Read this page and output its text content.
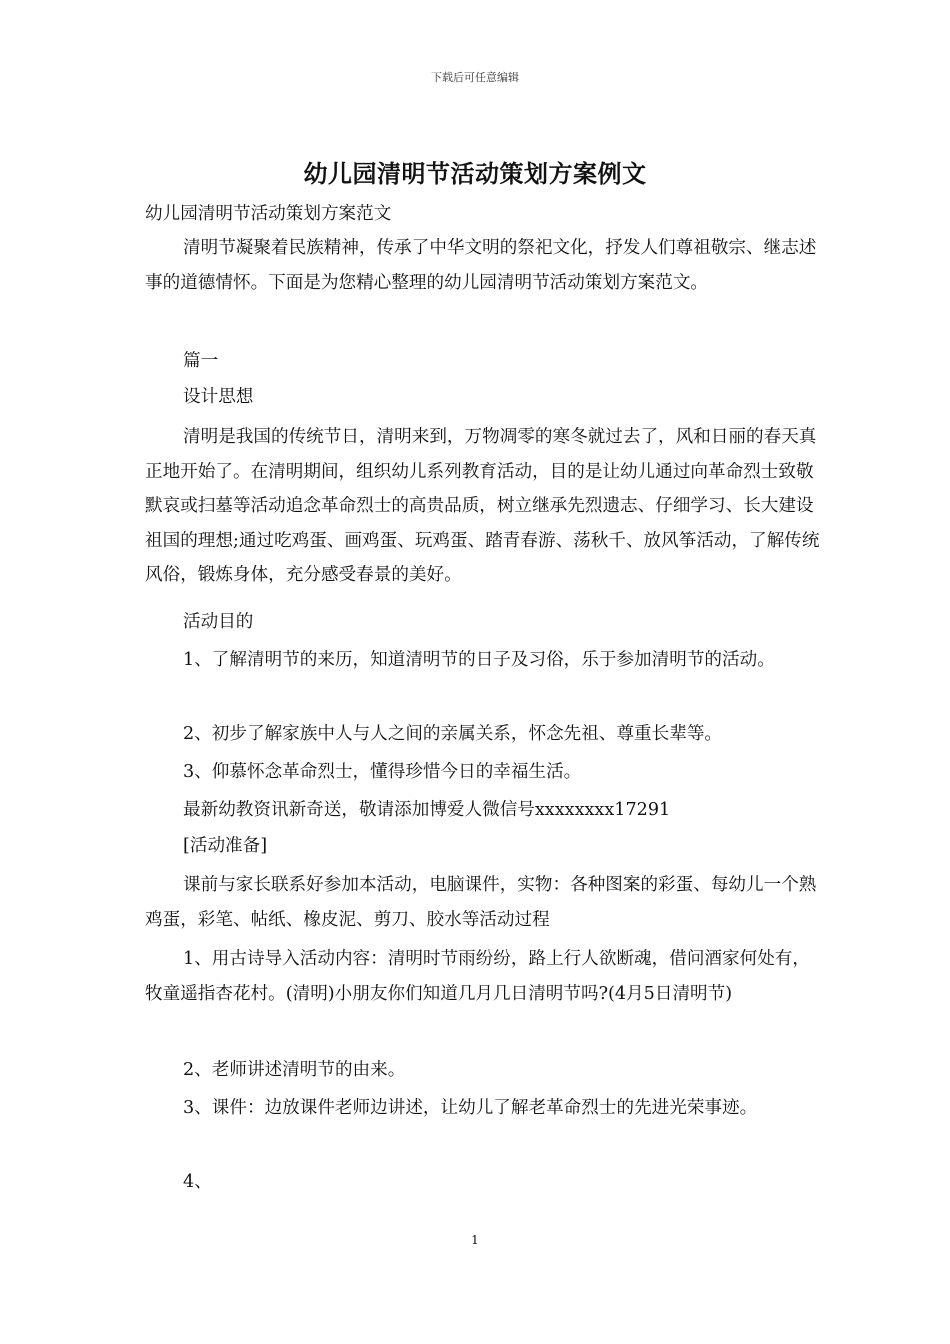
下载后可任意编辑
幼儿园清明节活动策划方案例文

幼儿园清明节活动策划方案范文

清明节凝聚着民族精神，传承了中华文明的祭祀文化，抒发人们尊祖敬宗、继志述事的道德情怀。下面是为您精心整理的幼儿园清明节活动策划方案范文。

篇一

设计思想

清明是我国的传统节日，清明来到，万物凋零的寒冬就过去了，风和日丽的春天真正地开始了。在清明期间，组织幼儿系列教育活动，目的是让幼儿通过向革命烈士致敬默哀或扫墓等活动追念革命烈士的高贵品质，树立继承先烈遗志、仔细学习、长大建设祖国的理想;通过吃鸡蛋、画鸡蛋、玩鸡蛋、踏青春游、荡秋千、放风筝活动，了解传统风俗，锻炼身体，充分感受春景的美好。

活动目的

1、了解清明节的来历，知道清明节的日子及习俗，乐于参加清明节的活动。

2、初步了解家族中人与人之间的亲属关系，怀念先祖、尊重长辈等。

3、仰慕怀念革命烈士，懂得珍惜今日的幸福生活。

最新幼教资讯新奇送，敬请添加博爱人微信号xxxxxxxx17291

[活动准备]

课前与家长联系好参加本活动，电脑课件，实物：各种图案的彩蛋、每幼儿一个熟鸡蛋，彩笔、帖纸、橡皮泥、剪刀、胶水等活动过程

1、用古诗导入活动内容：清明时节雨纷纷，路上行人欲断魂，借问酒家何处有，牧童遥指杏花村。(清明)小朋友你们知道几月几日清明节吗?(4月5日清明节)

2、老师讲述清明节的由来。

3、课件：边放课件老师边讲述，让幼儿了解老革命烈士的先进光荣事迹。

4、

1
